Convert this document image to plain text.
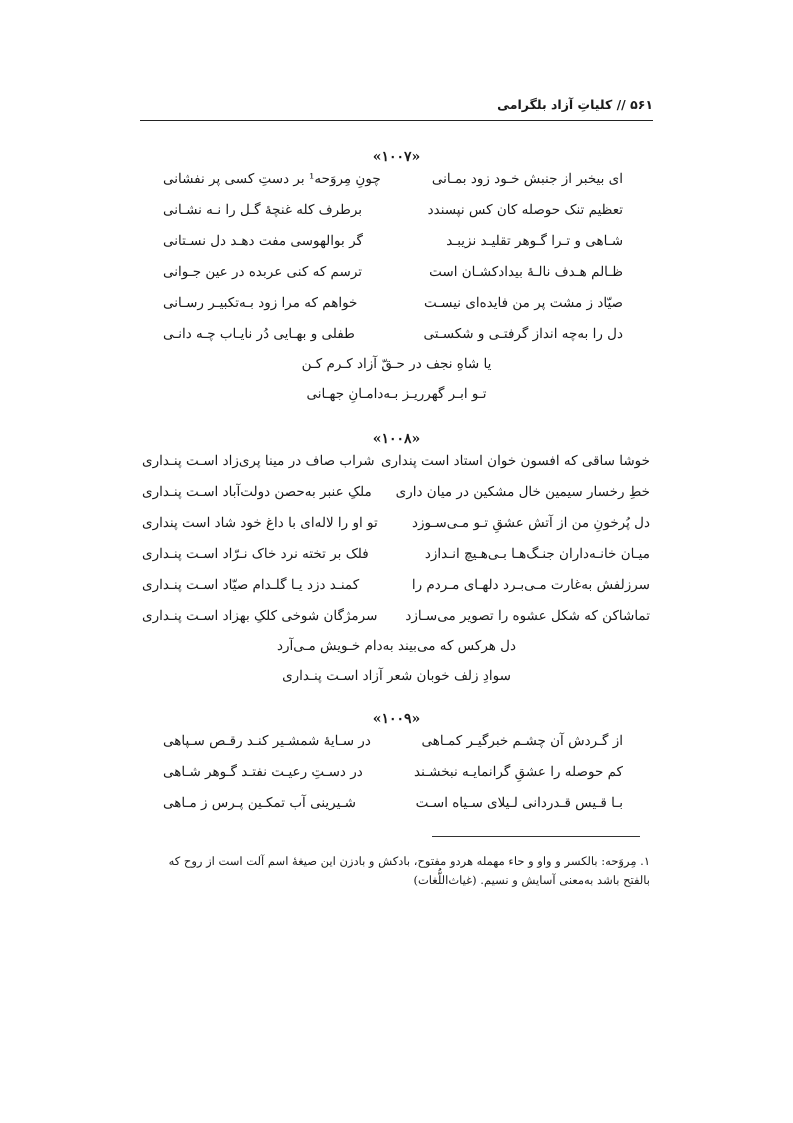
۵۶۱ // کلیاتِ آزاد بلگرامی
«۱۰۰۷»
ای بیخبر از جنبش خـود زود بمـانی
چونِ مِروَحه¹ بر دستِ کسی پر نفشانی
تعظیم تنک حوصله کان کس نپسندد
برطرف کله غنچهٔ گـل را نـه نشـانی
شـاهی و تـرا گـوهر تقلیـد نزیبـد
گر بوالهوسی مفت دهـد دل نسـتانی
ظـالم هـدف نالـهٔ بیدادکشـان است
ترسم که کنی عربده در عین جـوانی
صیّاد ز مشت پر من فایده‌ای نیسـت
خواهم که مرا زود بـه‌تکبیـر رسـانی
دل را به‌چه انداز گرفتـی و شکسـتی
طفلی و بهـایی دُر نایـاب چـه دانـی
یا شاهِ نجف در حـقّ آزاد کـرم کـن
تـو ابـر گهرریـز بـه‌دامـانِ جهـانی
«۱۰۰۸»
خوشا ساقی که افسون خوان استاد است پنداری
شراب صاف در مینا پری‌زاد اسـت پنـداری
خطِ رخسار سیمین خال مشکین در میان داری
ملکِ عنبر به‌حصن دولت‌آباد اسـت پنـداری
دل پُرخونِ من از آتش عشقِ تـو مـی‌سـوزد
تو او را لاله‌ای با داغ خود شاد است پنداری
میـان خانـه‌داران جنـگ‌هـا بـی‌هـیچ انـدازد
فلک بر تخته نرد خاک نـرّاد اسـت پنـداری
سرزلفش به‌غارت مـی‌بـرد دلهـای مـردم را
کمنـد دزد یـا گلـدام صیّاد اسـت پنـداری
تماشاکن که شکل عشوه را تصویر می‌سـازد
سرمژگان شوخی کلکِ بهزاد اسـت پنـداری
دل هرکس که می‌بیند به‌دام خـویش مـی‌آرد
سوادِ زلف خوبان شعر آزاد اسـت پنـداری
«۱۰۰۹»
از گـردش آن چشـم خبرگیـر کمـاهی
در سـایهٔ شمشـیر کنـد رقـص سـپاهی
کم حوصله را عشقِ گرانمایـه نبخشـند
در دسـتِ رعیـت نفتـد گـوهر شـاهی
بـا قـیس قـدردانی لـیلای سـیاه اسـت
شـیرینی آب تمکـین پـرس ز مـاهی
۱. مِروَحه: بالکسر و واو و حاء مهمله هردو مفتوح، بادکش و بادزن این صیغهٔ اسم آلت است از روح که بالفتح باشد به‌معنی آسایش و نسیم. (غیاث‌اللُّغات)
